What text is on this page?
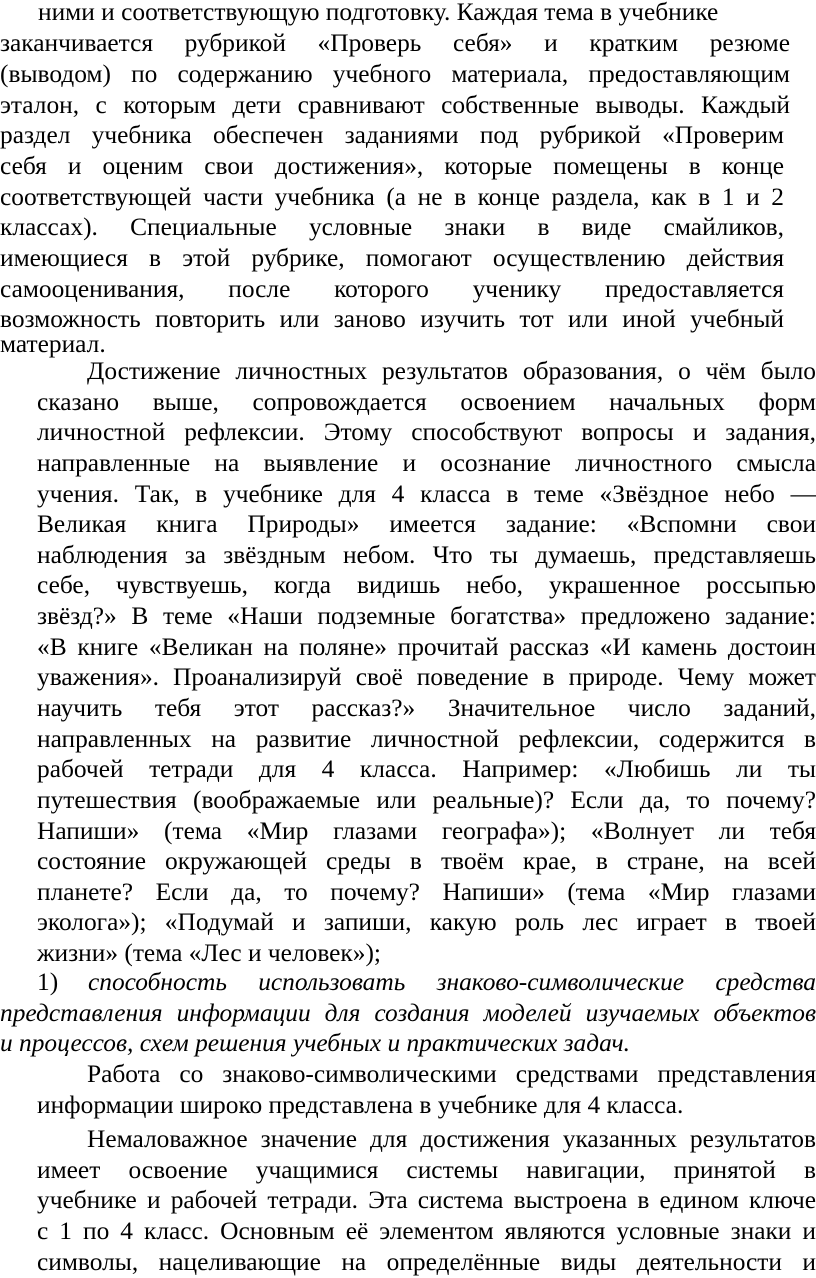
ними и соответствующую подготовку. Каждая тема в учебнике
заканчивается рубрикой «Проверь себя» и кратким резюме
(выводом) по содержанию учебного материала, предоставляющим
эталон, с которым дети сравнивают собственные выводы. Каждый
раздел учебника обеспечен заданиями под рубрикой «Проверим
себя и оценим свои достижения», которые помещены в конце
соответствующей части учебника (а не в конце раздела, как в 1 и 2
классах). Специальные условные знаки в виде смайликов,
имеющиеся в этой рубрике, помогают осуществлению действия
самооценивания, после которого ученику предоставляется
возможность повторить или заново изучить тот или иной учебный
материал.
Достижение личностных результатов образования, о чём было
сказано выше, сопровождается освоением начальных форм
личностной рефлексии. Этому способствуют вопросы и задания,
направленные на выявление и осознание личностного смысла
учения. Так, в учебнике для 4 класса в теме «Звёздное небо —
Великая книга Природы» имеется задание: «Вспомни свои
наблюдения за звёздным небом. Что ты думаешь, представляешь
себе, чувствуешь, когда видишь небо, украшенное россыпью
звёзд?» В теме «Наши подземные богатства» предложено задание:
«В книге «Великан на поляне» прочитай рассказ «И камень достоин
уважения». Проанализируй своё поведение в природе. Чему может
научить тебя этот рассказ?» Значительное число заданий,
направленных на развитие личностной рефлексии, содержится в
рабочей тетради для 4 класса. Например: «Любишь ли ты
путешествия (воображаемые или реальные)? Если да, то почему?
Напиши» (тема «Мир глазами географа»); «Волнует ли тебя
состояние окружающей среды в твоём крае, в стране, на всей
планете? Если да, то почему? Напиши» (тема «Мир глазами
эколога»); «Подумай и запиши, какую роль лес играет в твоей
жизни» (тема «Лес и человек»);
1) способность использовать знаково-символические средства
представления информации для создания моделей изучаемых объектов
и процессов, схем решения учебных и практических задач.
Работа со знаково-символическими средствами представления
информации широко представлена в учебнике для 4 класса.
Немаловажное значение для достижения указанных результатов
имеет освоение учащимися системы навигации, принятой в
учебнике и рабочей тетради. Эта система выстроена в едином ключе
с 1 по 4 класс. Основным её элементом являются условные знаки и
символы, нацеливающие на определённые виды деятельности и
